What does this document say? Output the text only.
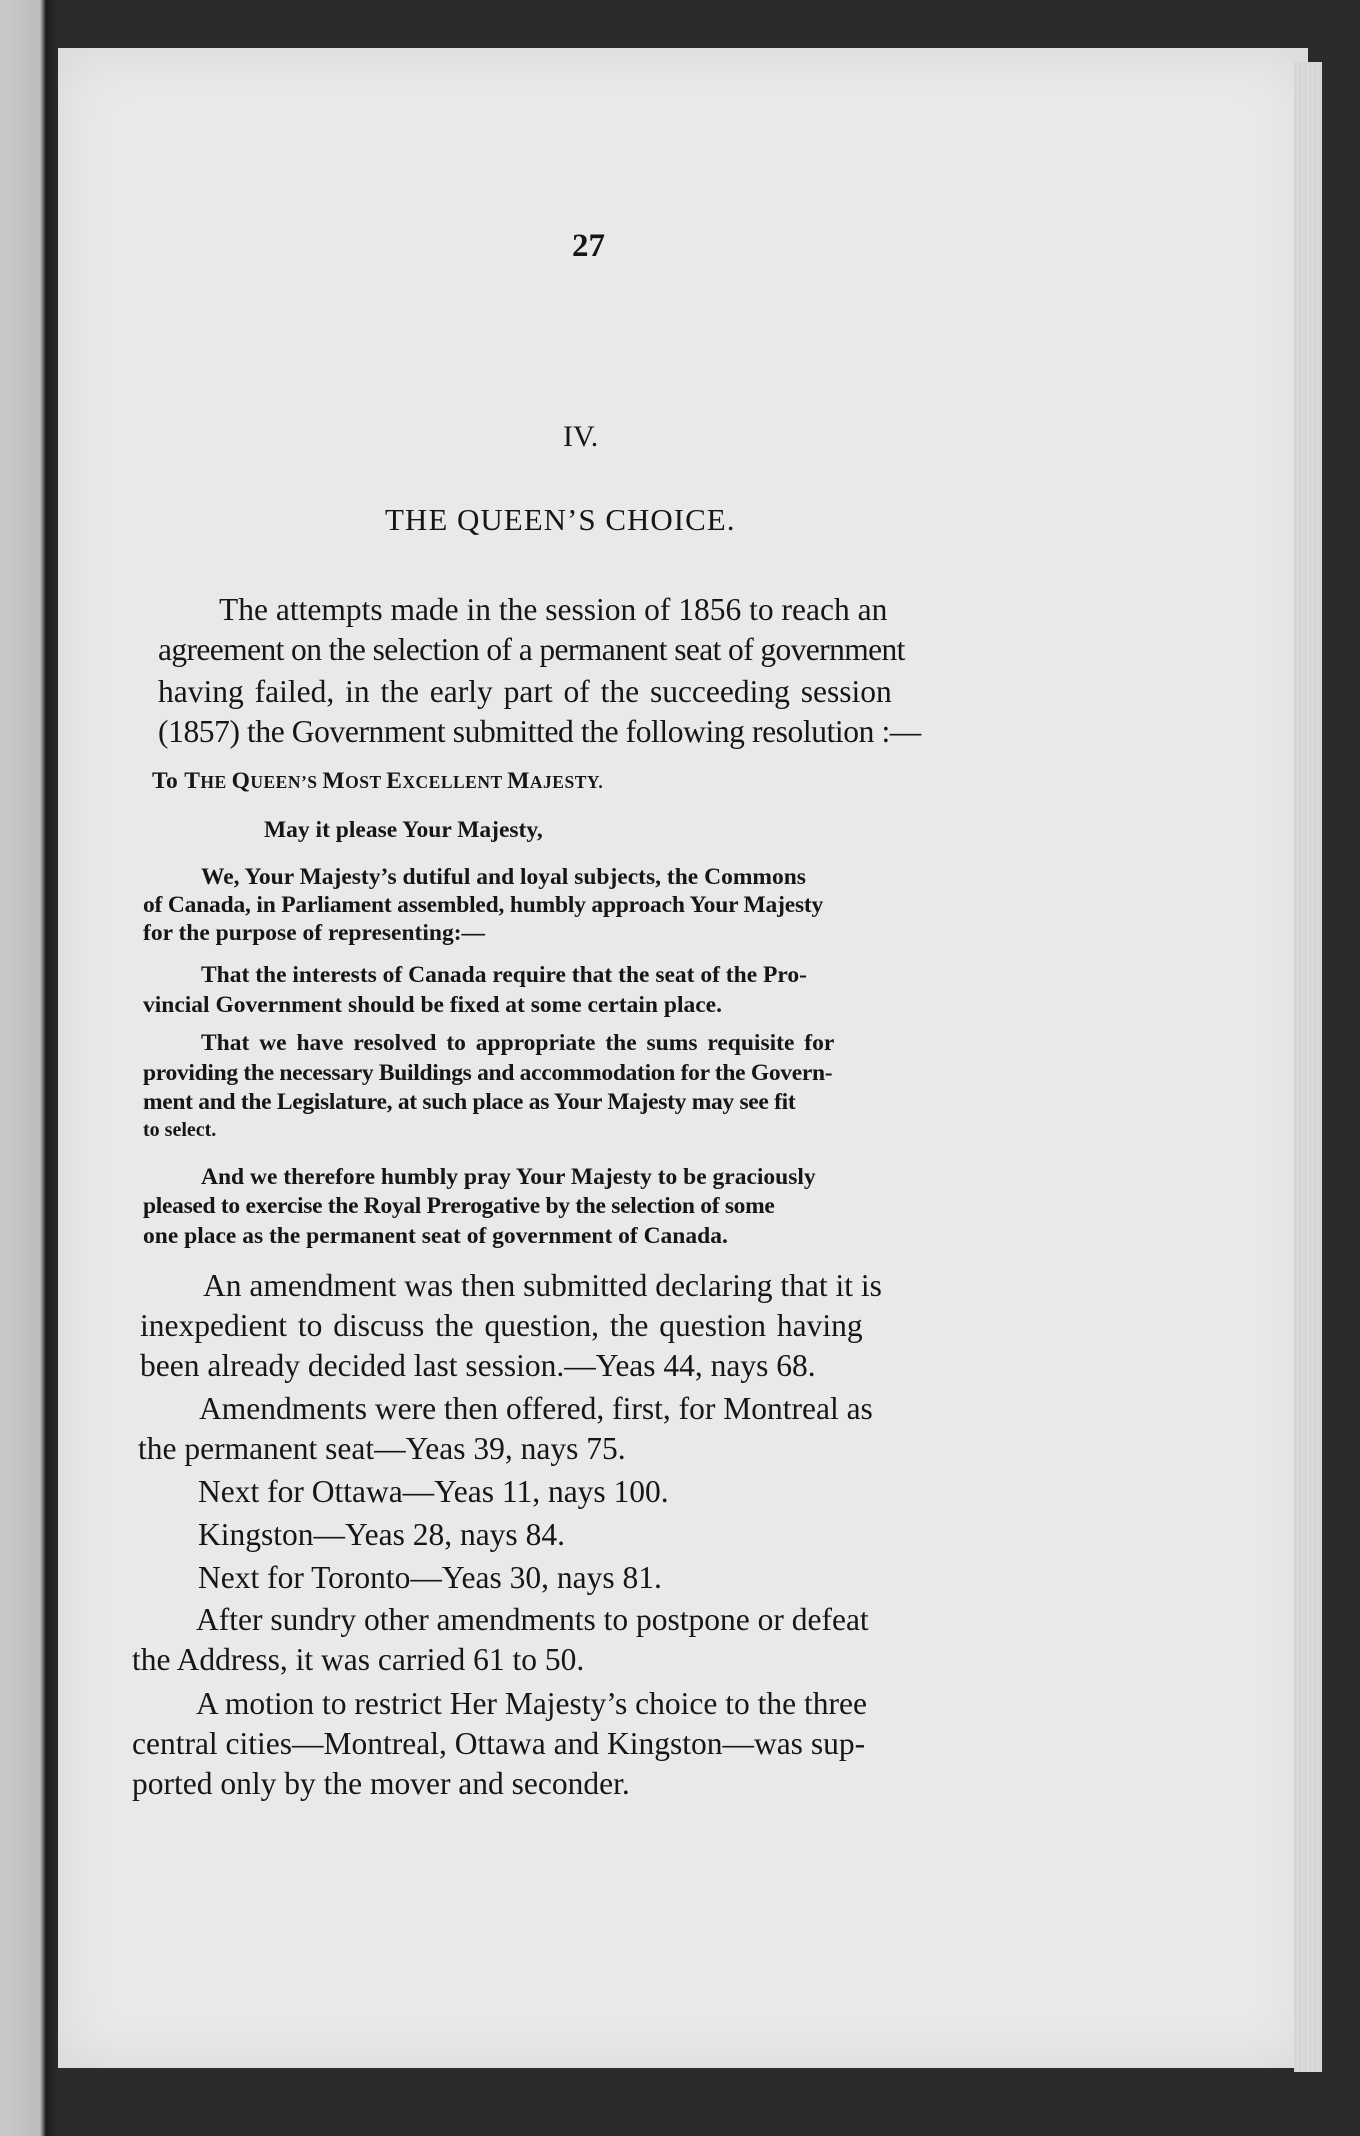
27

IV.

THE QUEEN’S CHOICE.

The attempts made in the session of 1856 to reach an

agreement on the selection of a permanent seat of government

having failed, in the early part of the succeeding session

(1857) the Government submitted the following resolution :—

To THE QUEEN’S MOST EXCELLENT MAJESTY.

May it please Your Majesty,

We, Your Majesty’s dutiful and loyal subjects, the Commons

of Canada, in Parliament assembled, humbly approach Your Majesty

for the purpose of representing:—

That the interests of Canada require that the seat of the Pro-

vincial Government should be fixed at some certain place.

That we have resolved to appropriate the sums requisite for

providing the necessary Buildings and accommodation for the Govern-

ment and the Legislature, at such place as Your Majesty may see fit

to select.

And we therefore humbly pray Your Majesty to be graciously

pleased to exercise the Royal Prerogative by the selection of some

one place as the permanent seat of government of Canada.

An amendment was then submitted declaring that it is

inexpedient to discuss the question, the question having

been already decided last session.—Yeas 44, nays 68.

Amendments were then offered, first, for Montreal as

the permanent seat—Yeas 39, nays 75.

Next for Ottawa—Yeas 11, nays 100.

Kingston—Yeas 28, nays 84.

Next for Toronto—Yeas 30, nays 81.

After sundry other amendments to postpone or defeat

the Address, it was carried 61 to 50.

A motion to restrict Her Majesty’s choice to the three

central cities—Montreal, Ottawa and Kingston—was sup-

ported only by the mover and seconder.
